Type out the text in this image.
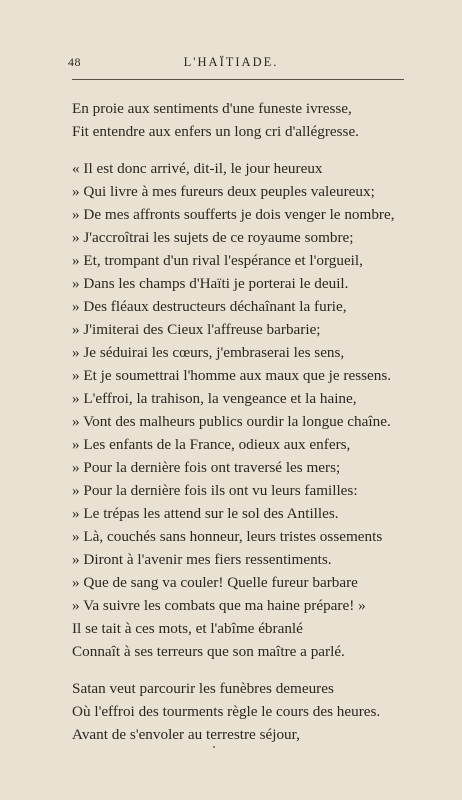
48	L'HAÏTIADE.
En proie aux sentiments d'une funeste ivresse,
Fit entendre aux enfers un long cri d'allégresse.
« Il est donc arrivé, dit-il, le jour heureux
» Qui livre à mes fureurs deux peuples valeureux;
» De mes affronts soufferts je dois venger le nombre,
» J'accroîtrai les sujets de ce royaume sombre;
» Et, trompant d'un rival l'espérance et l'orgueil,
» Dans les champs d'Haïti je porterai le deuil.
» Des fléaux destructeurs déchaînant la furie,
» J'imiterai des Cieux l'affreuse barbarie;
» Je séduirai les cœurs, j'embraserai les sens,
» Et je soumettrai l'homme aux maux que je ressens.
» L'effroi, la trahison, la vengeance et la haine,
» Vont des malheurs publics ourdir la longue chaîne.
» Les enfants de la France, odieux aux enfers,
» Pour la dernière fois ont traversé les mers;
» Pour la dernière fois ils ont vu leurs familles:
» Le trépas les attend sur le sol des Antilles.
» Là, couchés sans honneur, leurs tristes ossements
» Diront à l'avenir mes fiers ressentiments.
» Que de sang va couler! Quelle fureur barbare
» Va suivre les combats que ma haine prépare! »
Il se tait à ces mots, et l'abîme ébranlé
Connaît à ses terreurs que son maître a parlé.
Satan veut parcourir les funèbres demeures
Où l'effroi des tourments règle le cours des heures.
Avant de s'envoler au terrestre séjour,
